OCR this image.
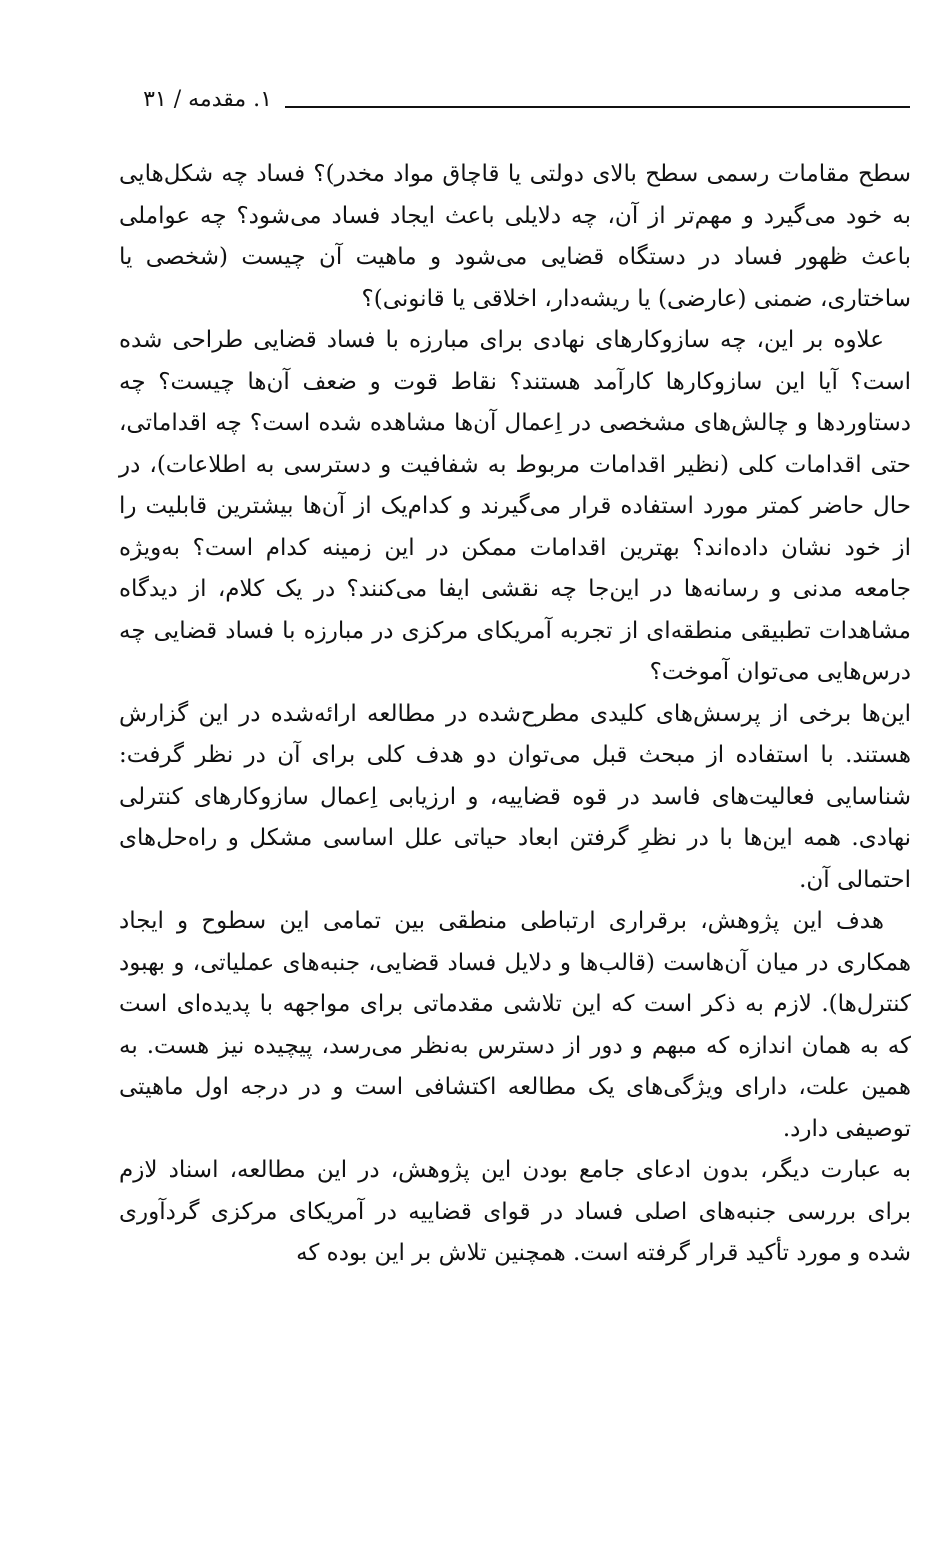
۱. مقدمه / ۳۱

سطح مقامات رسمی سطح بالای دولتی یا قاچاق مواد مخدر)؟ فساد چه شکل‌هایی به خود می‌گیرد و مهم‌تر از آن، چه دلایلی باعث ایجاد فساد می‌شود؟ چه عواملی باعث ظهور فساد در دستگاه قضایی می‌شود و ماهیت آن چیست (شخصی یا ساختاری، ضمنی (عارضی) یا ریشه‌دار، اخلاقی یا قانونی)؟

علاوه بر این، چه سازوکارهای نهادی برای مبارزه با فساد قضایی طراحی شده است؟ آیا این سازوکارها کارآمد هستند؟ نقاط قوت و ضعف آن‌ها چیست؟ چه دستاوردها و چالش‌های مشخصی در اِعمال آن‌ها مشاهده شده است؟ چه اقداماتی، حتی اقدامات کلی (نظیر اقدامات مربوط به شفافیت و دسترسی به اطلاعات)، در حال حاضر کمتر مورد استفاده قرار می‌گیرند و کدام‌یک از آن‌ها بیشترین قابلیت را از خود نشان داده‌اند؟ بهترین اقدامات ممکن در این زمینه کدام است؟ به‌ویژه جامعه مدنی و رسانه‌ها در این‌جا چه نقشی ایفا می‌کنند؟ در یک کلام، از دیدگاه مشاهدات تطبیقی منطقه‌ای از تجربه آمریکای مرکزی در مبارزه با فساد قضایی چه درس‌هایی می‌توان آموخت؟

این‌ها برخی از پرسش‌های کلیدی مطرح‌شده در مطالعه ارائه‌شده در این گزارش هستند. با استفاده از مبحث قبل می‌توان دو هدف کلی برای آن در نظر گرفت: شناسایی فعالیت‌های فاسد در قوه قضاییه، و ارزیابی اِعمال سازوکارهای کنترلی نهادی. همه این‌ها با در نظرِ گرفتن ابعاد حیاتی علل اساسی مشکل و راه‌حل‌های احتمالی آن.

هدف این پژوهش، برقراری ارتباطی منطقی بین تمامی این سطوح و ایجاد همکاری در میان آن‌هاست (قالب‌ها و دلایل فساد قضایی، جنبه‌های عملیاتی، و بهبود کنترل‌ها). لازم به ذکر است که این تلاشی مقدماتی برای مواجهه با پدیده‌ای است که به همان اندازه که مبهم و دور از دسترس به‌نظر می‌رسد، پیچیده نیز هست. به همین علت، دارای ویژگی‌های یک مطالعه اکتشافی است و در درجه اول ماهیتی توصیفی دارد.

به عبارت دیگر، بدون ادعای جامع بودن این پژوهش، در این مطالعه، اسناد لازم برای بررسی جنبه‌های اصلی فساد در قوای قضاییه در آمریکای مرکزی گردآوری شده و مورد تأکید قرار گرفته است. همچنین تلاش بر این بوده که
